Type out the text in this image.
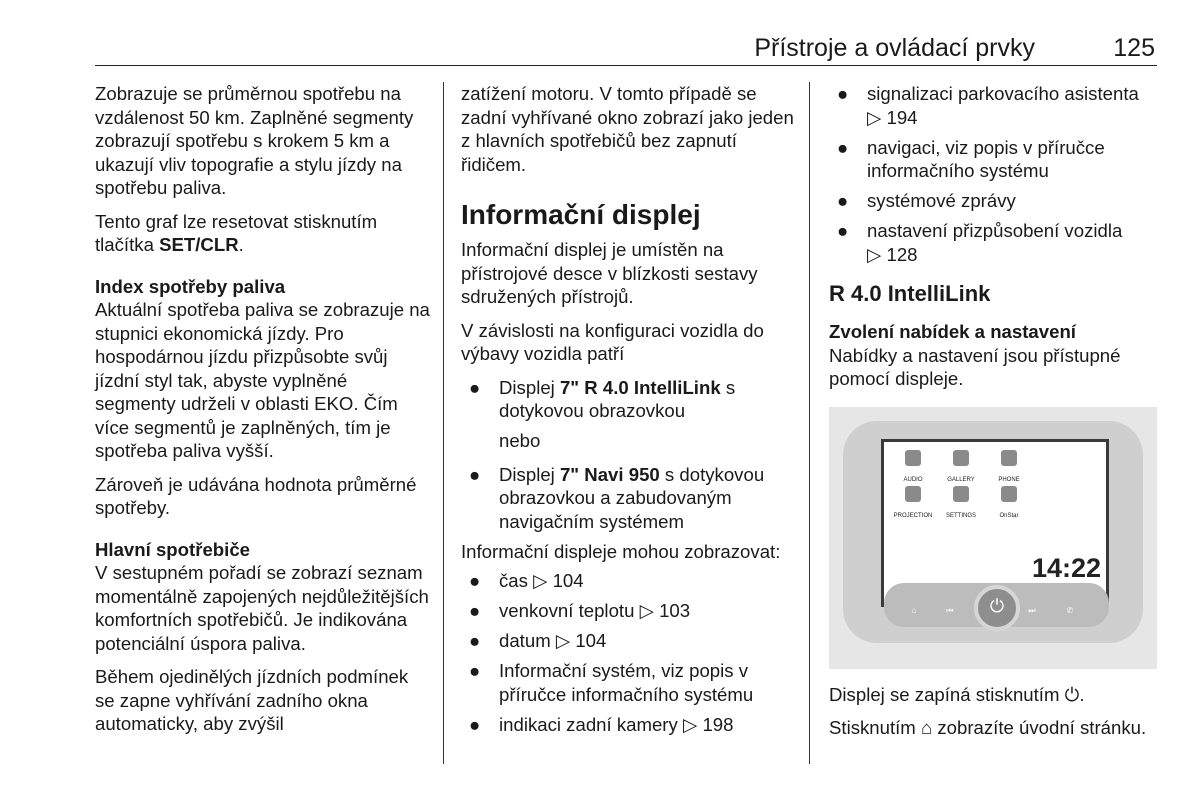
Přístroje a ovládací prvky	125

Zobrazuje se průměrnou spotřebu na vzdálenost 50 km. Zaplněné segmenty zobrazují spotřebu s krokem 5 km a ukazují vliv topografie a stylu jízdy na spotřebu paliva.

Tento graf lze resetovat stisknutím tlačítka SET/CLR.

Index spotřeby paliva

Aktuální spotřeba paliva se zobrazuje na stupnici ekonomická jízdy. Pro hospodárnou jízdu přizpůsobte svůj jízdní styl tak, abyste vyplněné segmenty udrželi v oblasti EKO. Čím více segmentů je zaplněných, tím je spotřeba paliva vyšší.

Zároveň je udávána hodnota průměrné spotřeby.

Hlavní spotřebiče

V sestupném pořadí se zobrazí seznam momentálně zapojených nejdůležitějších komfortních spotřebičů. Je indikována potenciální úspora paliva.

Během ojedinělých jízdních podmínek se zapne vyhřívání zadního okna automaticky, aby zvýšil

zatížení motoru. V tomto případě se zadní vyhřívané okno zobrazí jako jeden z hlavních spotřebičů bez zapnutí řidičem.

Informační displej

Informační displej je umístěn na přístrojové desce v blízkosti sestavy sdružených přístrojů.

V závislosti na konfiguraci vozidla do výbavy vozidla patří

● Displej 7" R 4.0 IntelliLink s dotykovou obrazovkou

nebo

● Displej 7" Navi 950 s dotykovou obrazovkou a zabudovaným navigačním systémem

Informační displeje mohou zobrazovat:

● čas ▷ 104
● venkovní teplotu ▷ 103
● datum ▷ 104
● Informační systém, viz popis v příručce informačního systému
● indikaci zadní kamery ▷ 198
● signalizaci parkovacího asistenta
▷ 194
● navigaci, viz popis v příručce informačního systému
● systémové zprávy
● nastavení přizpůsobení vozidla
▷ 128
R 4.0 IntelliLink

Zvolení nabídek a nastavení

Nabídky a nastavení jsou přístupné pomocí displeje.

AUDIO	GALLERY	PHONE
PROJECTION	SETTINGS	OnStar
14:22
⌂	⏮	⏻	⏭	✆

Displej se zapíná stisknutím ⏻.

Stisknutím ⌂ zobrazíte úvodní stránku.
